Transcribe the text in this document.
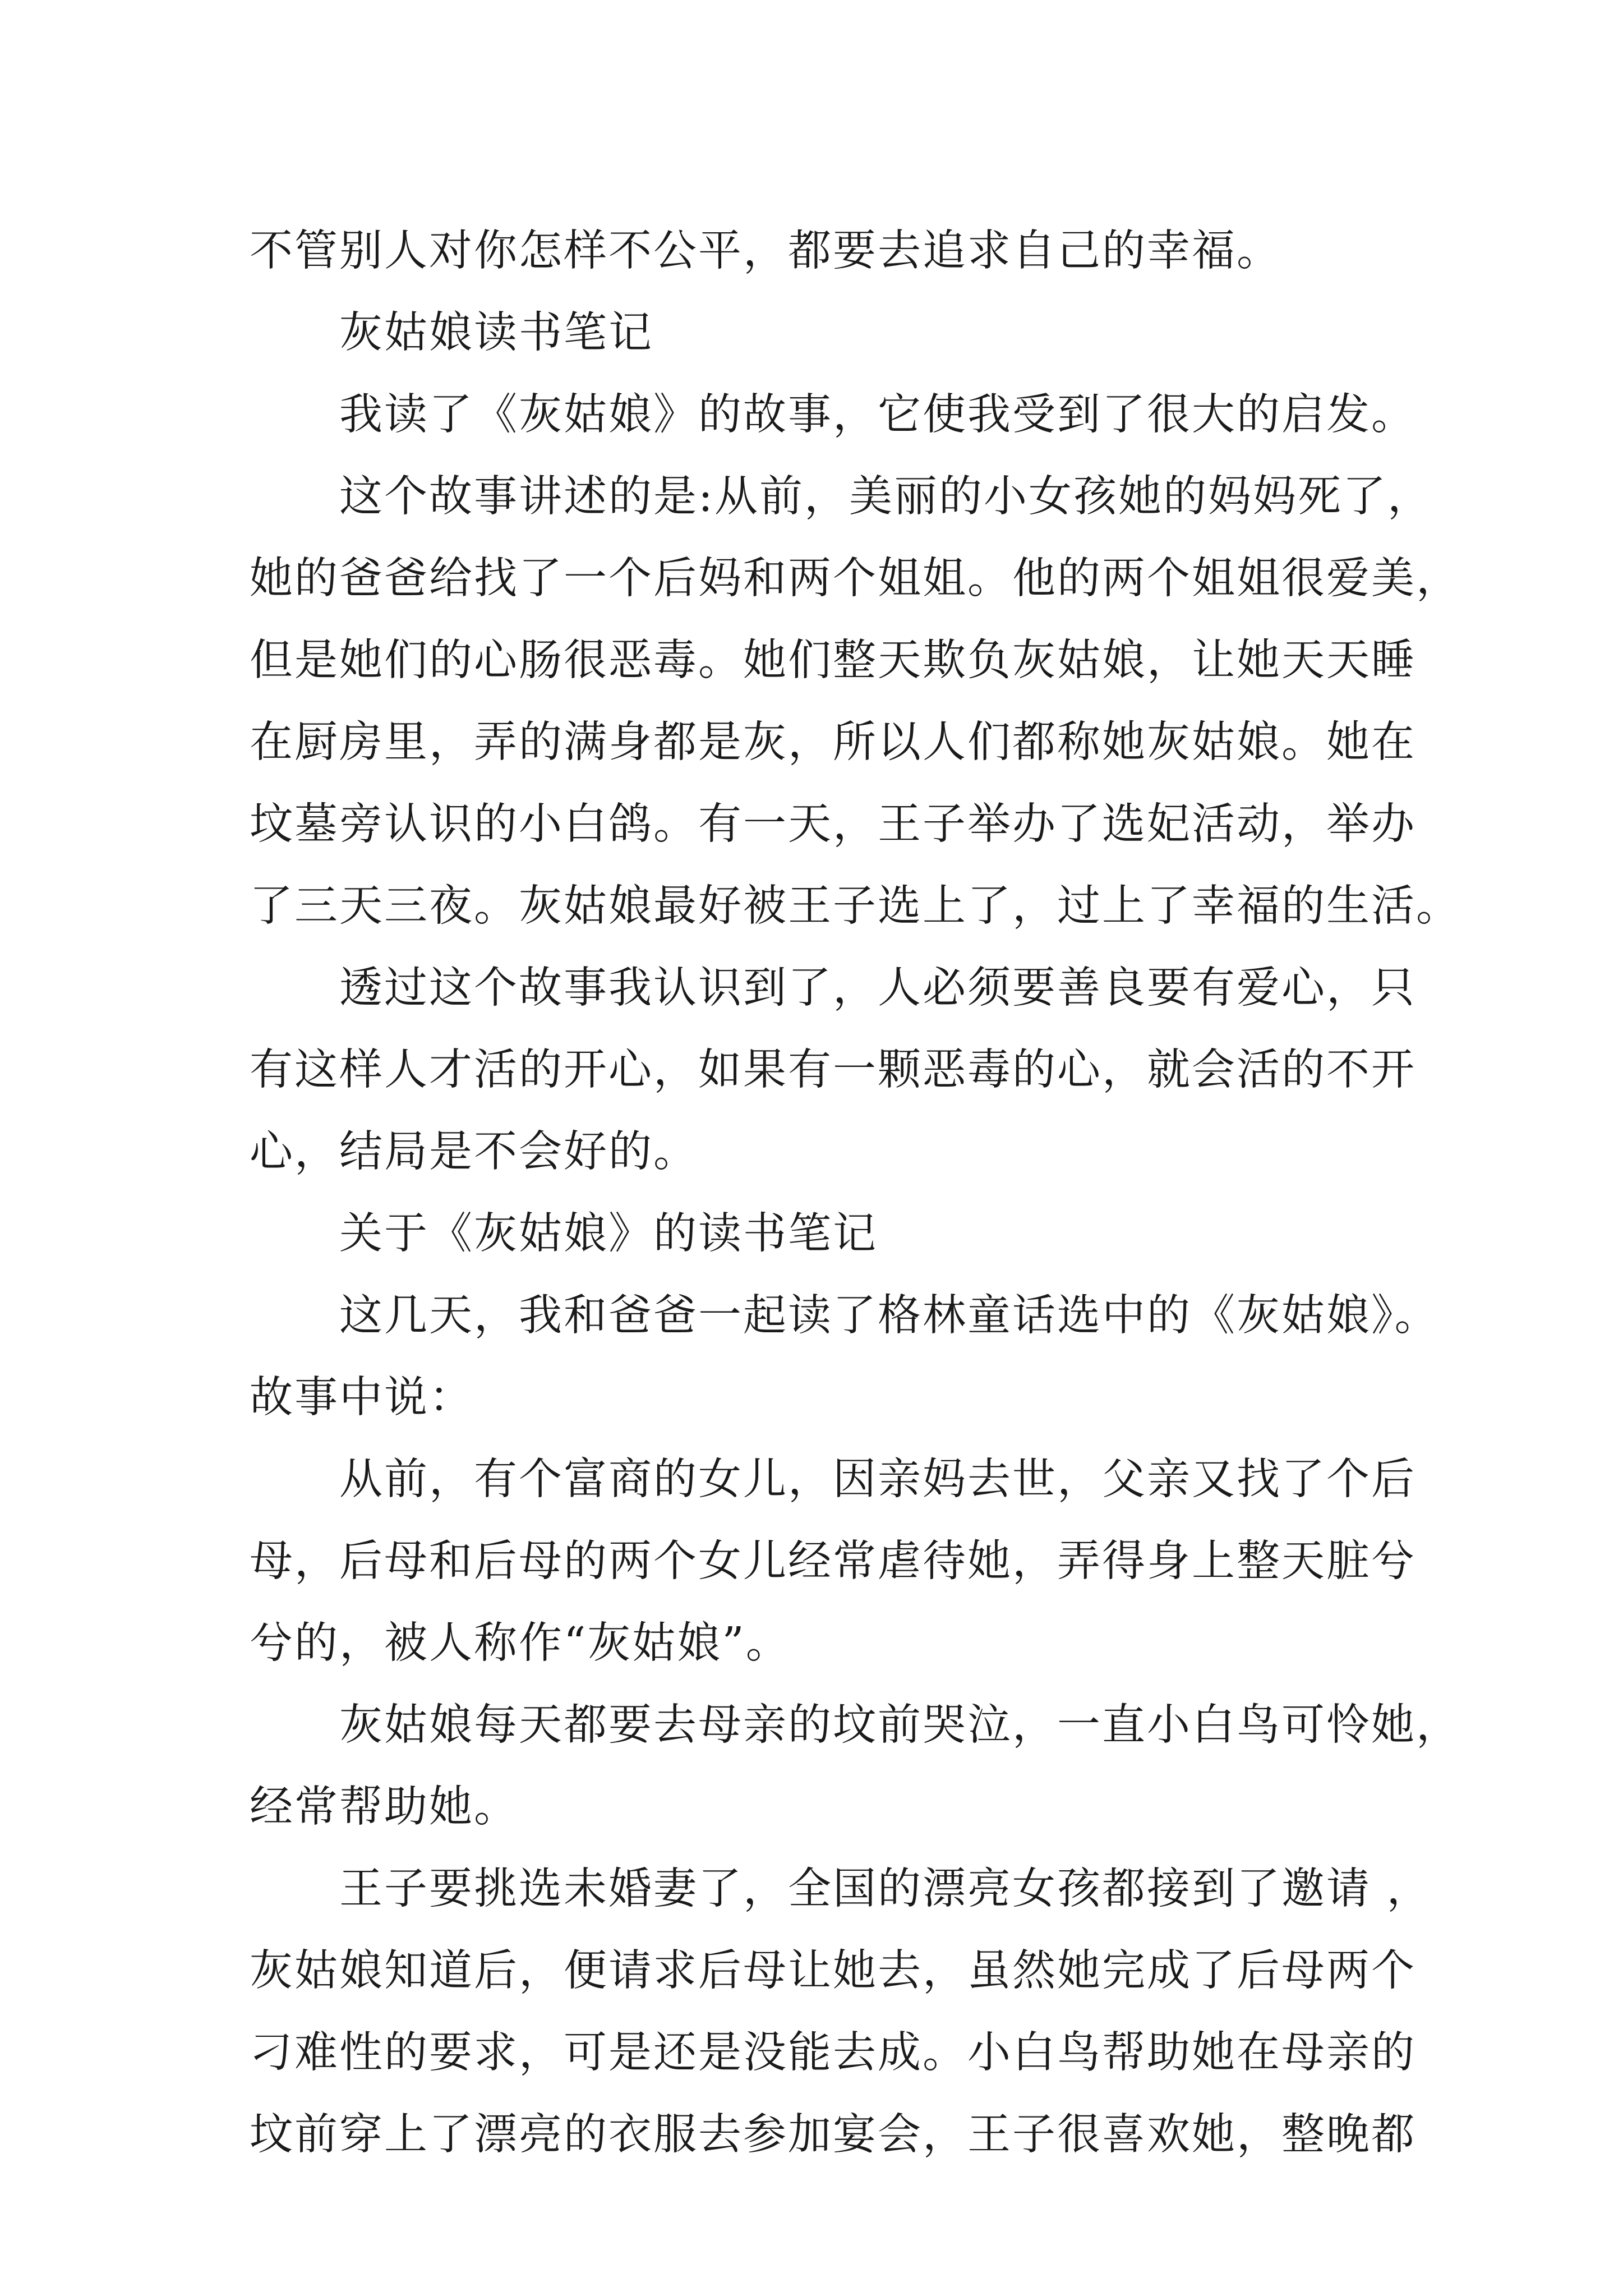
不管别人对你怎样不公平，都要去追求自己的幸福。

灰姑娘读书笔记

我读了《灰姑娘》的故事，它使我受到了很大的启发。

这个故事讲述的是:从前，美丽的小女孩她的妈妈死了，

她的爸爸给找了一个后妈和两个姐姐。他的两个姐姐很爱美，

但是她们的心肠很恶毒。她们整天欺负灰姑娘，让她天天睡

在厨房里，弄的满身都是灰，所以人们都称她灰姑娘。她在

坟墓旁认识的小白鸽。有一天，王子举办了选妃活动，举办

了三天三夜。灰姑娘最好被王子选上了，过上了幸福的生活。

透过这个故事我认识到了，人必须要善良要有爱心，只

有这样人才活的开心，如果有一颗恶毒的心，就会活的不开

心，结局是不会好的。

关于《灰姑娘》的读书笔记

这几天，我和爸爸一起读了格林童话选中的《灰姑娘》。

故事中说：

从前，有个富商的女儿，因亲妈去世，父亲又找了个后

母，后母和后母的两个女儿经常虐待她，弄得身上整天脏兮

兮的，被人称作“灰姑娘”。

灰姑娘每天都要去母亲的坟前哭泣，一直小白鸟可怜她，

经常帮助她。

王子要挑选未婚妻了，全国的漂亮女孩都接到了邀请 ，

灰姑娘知道后，便请求后母让她去，虽然她完成了后母两个

刁难性的要求，可是还是没能去成。小白鸟帮助她在母亲的

坟前穿上了漂亮的衣服去参加宴会，王子很喜欢她，整晚都
